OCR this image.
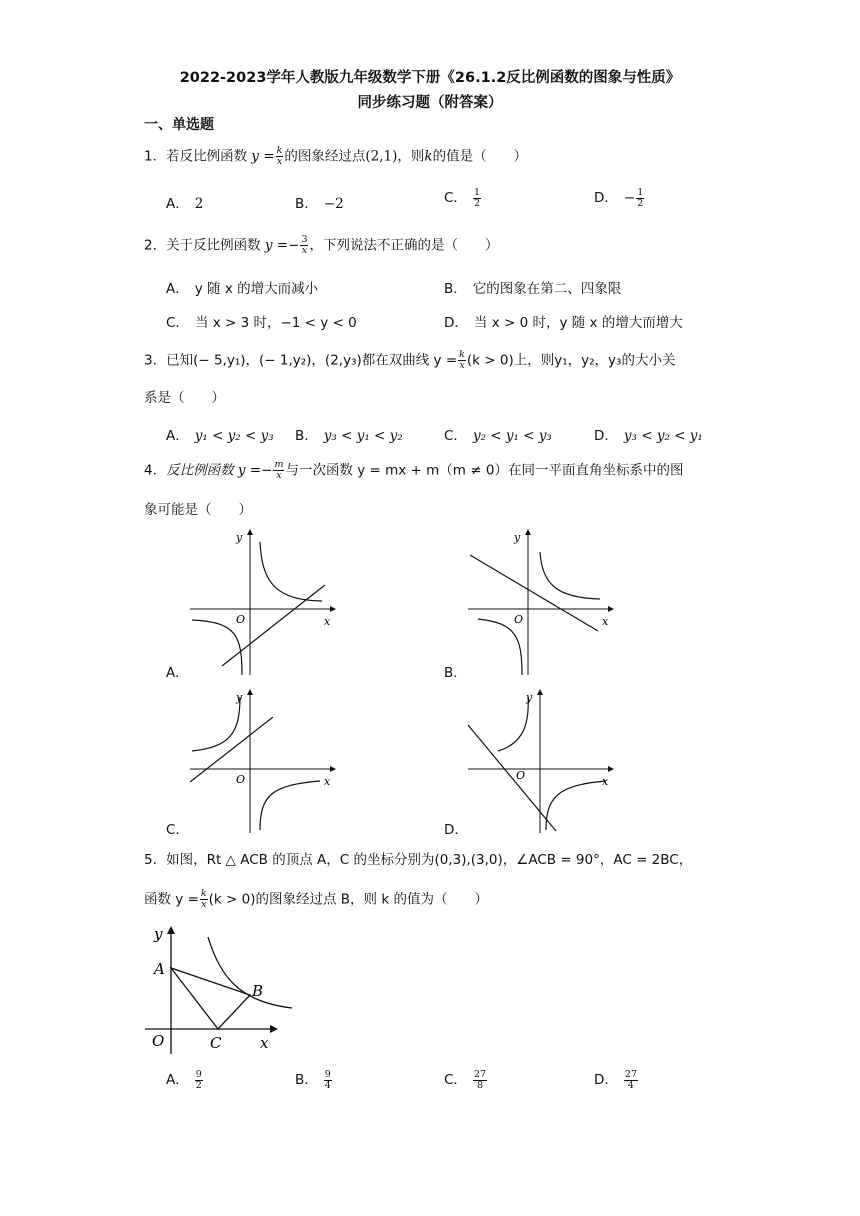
2022-2023学年人教版九年级数学下册《26.1.2反比例函数的图象与性质》
同步练习题（附答案）
一、单选题
1．若反比例函数 $y = \frac{k}{x}$ 的图象经过点(2,1)，则k的值是（　　）
A． 2	B． −2	C． $\frac{1}{2}$	D． − $\frac{1}{2}$
2．关于反比例函数 $y =- \frac{3}{x}$ ，下列说法不正确的是（　　）
A． y 随 x 的增大而减小	B． 它的图象在第二、四象限
C． 当 x > 3 时，−1 < y < 0	D． 当 x > 0 时，y 随 x 的增大而增大
3．已知(− 5,y₁)，(− 1,y₂)，(2,y₃)都在双曲线 $y = \frac{k}{x} (k > 0)$上，则y₁，y₂，y₃的大小关
系是（　　）
A． y₁ < y₂ < y₃ B． y₃ < y₁ < y₂	C． y₂ < y₁ < y₃	D． y₃ < y₂ < y₁
4．反比例函数 $y =- \frac{m}{x}$ 与一次函数 y = mx + m（m ≠ 0）在同一平面直角坐标系中的图
象可能是（　　）
y
x
O
A.
y
x
O
B.
y
x
O
C.
y
x
O
D.
5．如图，Rt △ ACB 的顶点 A，C 的坐标分别为(0,3),(3,0)，∠ACB = 90°，AC = 2BC，
函数 $y = \frac{k}{x} (k > 0)$的图象经过点 B，则 k 的值为（　　）
y
x
O
A
B
C
A． $\frac{9}{2}$	B． $\frac{9}{4}$	C． $\frac{27}{8}$	D． $\frac{27}{4}$
